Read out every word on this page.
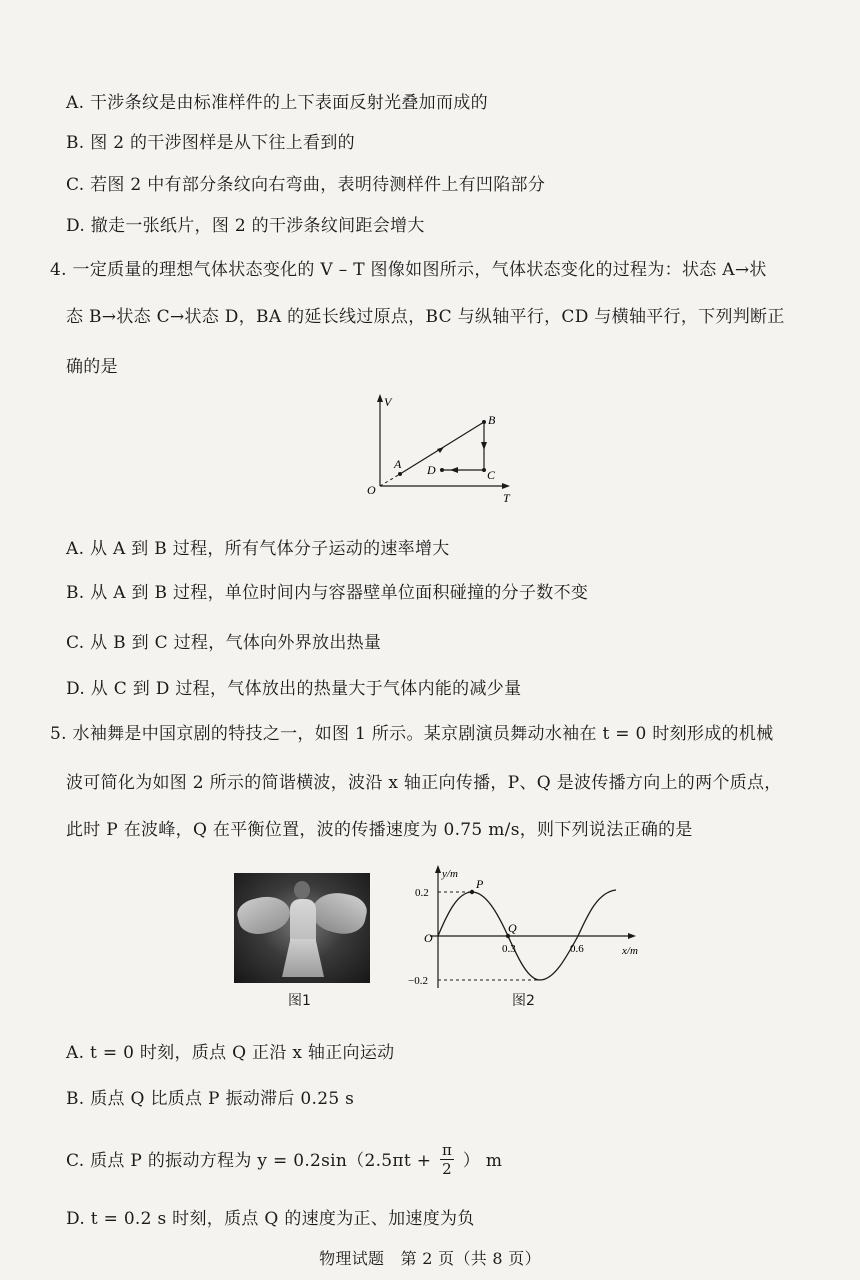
A. 干涉条纹是由标准样件的上下表面反射光叠加而成的
B. 图 2 的干涉图样是从下往上看到的
C. 若图 2 中有部分条纹向右弯曲，表明待测样件上有凹陷部分
D. 撤走一张纸片，图 2 的干涉条纹间距会增大
4. 一定质量的理想气体状态变化的 V – T 图像如图所示，气体状态变化的过程为：状态 A→状
态 B→状态 C→状态 D，BA 的延长线过原点，BC 与纵轴平行，CD 与横轴平行，下列判断正
确的是
V
T
O
A
B
C
D
A. 从 A 到 B 过程，所有气体分子运动的速率增大
B. 从 A 到 B 过程，单位时间内与容器壁单位面积碰撞的分子数不变
C. 从 B 到 C 过程，气体向外界放出热量
D. 从 C 到 D 过程，气体放出的热量大于气体内能的减少量
5. 水袖舞是中国京剧的特技之一，如图 1 所示。某京剧演员舞动水袖在 t = 0 时刻形成的机械
波可简化为如图 2 所示的简谐横波，波沿 x 轴正向传播，P、Q 是波传播方向上的两个质点，
此时 P 在波峰，Q 在平衡位置，波的传播速度为 0.75 m/s，则下列说法正确的是
图1
y/m
x/m
O
0.2
−0.2
0.3	0.6
P
Q
图2
A. t = 0 时刻，质点 Q 正沿 x 轴正向运动
B. 质点 Q 比质点 P 振动滞后 0.25 s
C. 质点 P 的振动方程为 $y = 0.2\sin(2.5\pi t + \frac{\pi}{2}$ ） m
D. t = 0.2 s 时刻，质点 Q 的速度为正、加速度为负
物理试题　第 2 页（共 8 页）
